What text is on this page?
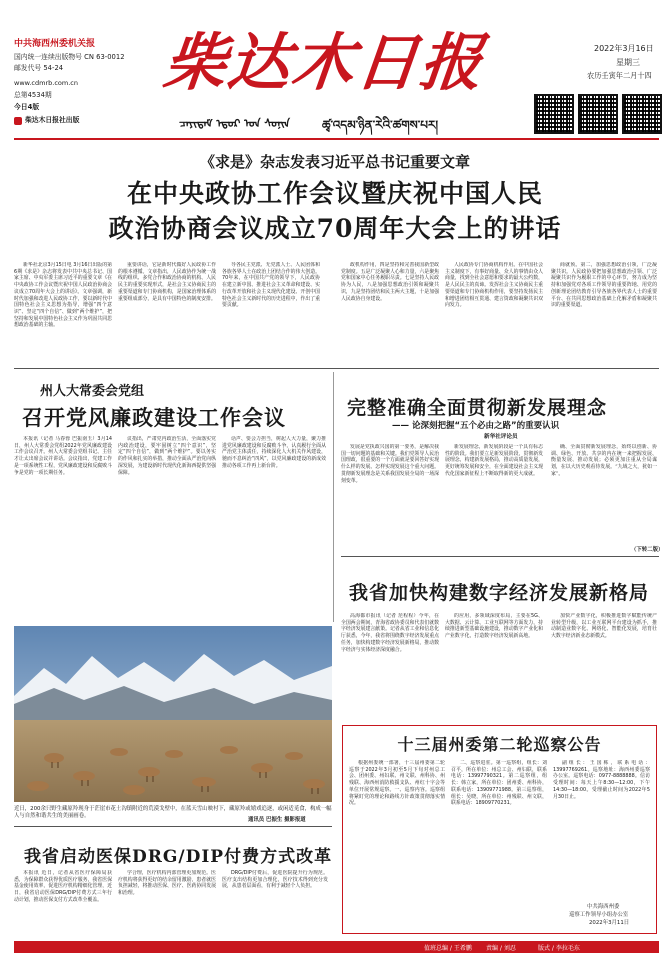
中共海西州委机关报
国内统一连续出版物号 CN 63-0012
邮发代号 54-24
www.cdmrb.com.cn
总第4534期
今日4版
柴达木日报社出版
柴达木日报
ᠴᠠᠶᠢᠳᠠᠮ ᠡᠳᠦᠷ ᠤᠨ ᠰᠣᠨᠢᠨ	ཚྭ་འདམ་ཉིན་རེའི་ཚགས་པར།
2022年3月16日
星期三
农历壬寅年二月十四
《求是》杂志发表习近平总书记重要文章
在中央政协工作会议暨庆祝中国人民
政治协商会议成立70周年大会上的讲话

新华社北京3月15日电 3月16日出版的第6期《求是》杂志将发表中共中央总书记、国家主席、中央军委主席习近平的重要文章《在中央政协工作会议暨庆祝中国人民政治协商会议成立70周年大会上的讲话》。文章强调，新时代加强和改进人民政协工作，要以新时代中国特色社会主义思想为指导，增强“四个意识”、坚定“四个自信”、做到“两个维护”，把坚持和发展中国特色社会主义作为巩固共同思想政治基础的主轴。

重要讲话，它是新时代做好人民政协工作的根本遵循。文章指出，人民政协作为统一战线的组织、多党合作和政治协商的机构、人民民主的重要实现形式，是社会主义协商民主的重要渠道和专门协商机构，是国家治理体系的重要组成部分，是具有中国特色的制度安排。

导各民主党派、无党派人士、人民团体和各族各界人士在政治上团结合作的伟大创造。70年来，在中国共产党的领导下，人民政协在建立新中国、推进社会主义革命和建设、实行改革开放和社会主义现代化建设、开创中国特色社会主义新时代的历史进程中，作出了重要贡献。

政机构作用，四是坚持和完善我国新型政党制度。五是广泛凝聚人心和力量，六是聚焦党和国家中心任务履职尽责。七是坚持人民政协为人民，八是加强思想政治引领和凝聚共识，九是坚持团结和民主两大主题，十是加强人民政协自身建设。

人民政协专门协商机构作用。在中国社会主义制度下，有事好商量、众人的事情由众人商量，找到全社会意愿和要求的最大公约数，是人民民主的真谛。发挥社会主义协商民主重要渠道和专门协商机构作用，要坚持发扬民主和增进团结相互贯通、建言资政和凝聚共识双向发力。

商就预。第二，加强思想政治引领，广泛凝聚共识。人民政协要把加强思想政治引领、广泛凝聚共识作为履职工作的中心环节，努力成为坚持和加强党对各项工作领导的重要阵地、用党的创新理论团结教育引导各族各界代表人士的重要平台、在共同思想政治基础上化解矛盾和凝聚共识的重要渠道。

州人大常委会党组
召开党风廉政建设工作会议

本报讯（记者 马春蓉 巴振南玉）3月14日，州人大常委会党组2022年党风廉政建设工作会议召开。州人大常委会党组书记、主任才让太出席会议并讲话。会议指出，党建工作是一项系统性工程，党风廉政建设和反腐败斗争是党的一项长期任务。

议指出，严肃党内政治生活，全面落实党内政治建设，要牢固树立“四个意识”，坚定“四个自信”，做到“两个维护”。要以务实的作风和扎实的举措，推动全面从严治党向纵深发展，为建设新时代现代化新海西提供坚强保障。

话声、要会力担当，树起人大力量，聚力推进党风廉政建设和反腐败斗争，认真履行全面从严治党主体责任，持续深化人大机关作风建设，驰而不息纠治“四风”，以党风廉政建设的新成效推动各项工作再上新台阶。

完整准确全面贯彻新发展理念
—— 论深刻把握“五个必由之路”的重要认识
新华社评论员

发展是党执政兴国的第一要务，是解决我国一切问题的基础和关键。我们党领导人民治国理政，很重要的一个方面就是要回答好实现什么样的发展、怎样实现发展这个重大问题。贯彻新发展理念是关系我国发展全局的一场深刻变革。

新发展理念，新发展阶段是一个具有标志性的阶段。我们要立足新发展阶段，贯彻新发展理念，构建新发展格局，推动高质量发展，更好统筹发展和安全，在全面建设社会主义现代化国家新征程上不断取得新的更大成就。

确、全面贯彻新发展理念，始终以创新、协调、绿色、开放、共享的内在统一来把握发展、衡量发展、推动发展；必须更加注重从全局谋划，在以大历史观看待发展。“九域之大，犹如一家”。

（下转二版）
我省加快构建数字经济发展新格局

高海都市报讯（记者 范程程）今年，在全国两会期间，青海省政协委员和代表们就数字经济发展建言献策。记者从省工业和信息化厅获悉，今年，我省将围绕数字经济发展重点任务，加快构建数字经济发展新格局，推动数字经济与实体经济深度融合。

的应用，多领域深度布局，主要在5G、大数据、云计算、工业互联网等方面发力，持续推进新型基础设施建设，推动数字产业化和产业数字化，打造数字经济发展新高地。

加快产业数字化，积极推进数字赋能传统产业转型升级，以工业互联网平台建设为抓手，推动制造业数字化、网络化、智能化发展，培育壮大数字经济新业态新模式。

近日，200余只野生藏原羚现身于茫崖市花土沟镇附近的荒漠戈壁中，在蓝天雪山映衬下，藏原羚或嬉戏追逐，或闲适觅食，构成一幅人与自然和谐共生的美丽画卷。
通讯员 巴振生 摄影报道
我省启动医保DRG/DIP付费方式改革

本报讯 近日，记者从省医疗保障局获悉，为保障群众获得优质医疗服务，我省医保基金使用效率，促进医疗机构精细化管理，近日，我省启动医保DRG/DIP付费方式三年行动计划，推动医保支付方式改革全覆盖。

学合理，医疗机构内部管理更加规范。医疗机构将获得更好的结余留用激励，患者就医负担减轻，将推动医保、医疗、医药协同发展和治理。

DRG/DIP付费后，促进医院提升行为规范。医疗支出结构更加合理化，医疗技术得到充分发展，从患者层面看，有利于减轻个人负担。

十三届州委第二轮巡察公告

根据州委统一部署，十三届州委第二轮巡察于2022年3月初至5月下旬对州总工会、团州委、州妇联、州文联、州科协、州残联、海西州消防救援支队、州红十字会等单位开展常规巡察。一、巡察内容。巡察组将紧盯党的理论和路线方针政策贯彻落实情况。

二、巡察进驻。第一巡察组，组长：刘召平，所在单位：州总工会、州妇联，联系电话：13997790321。第二巡察组，组长：韩立家，所在单位：团州委、州科协，联系电话：13909771988。第三巡察组，组长：吴晓，所在单位：州残联、州文联，联系电话：18909770231。

副组长：王国栋，联系电话：13997769261。巡察地址：海西州委巡察办公室。巡察电话：0977-8888888。信访受理时间：每天上午8:30—12:00，下午14:30—18:00。受理截止时间为2022年5月30日止。

中共海西州委
巡察工作领导小组办公室
2022年3月11日
值班总编 / 王希鹏 责编 / 刘忍	版式 / 李拉毛东
